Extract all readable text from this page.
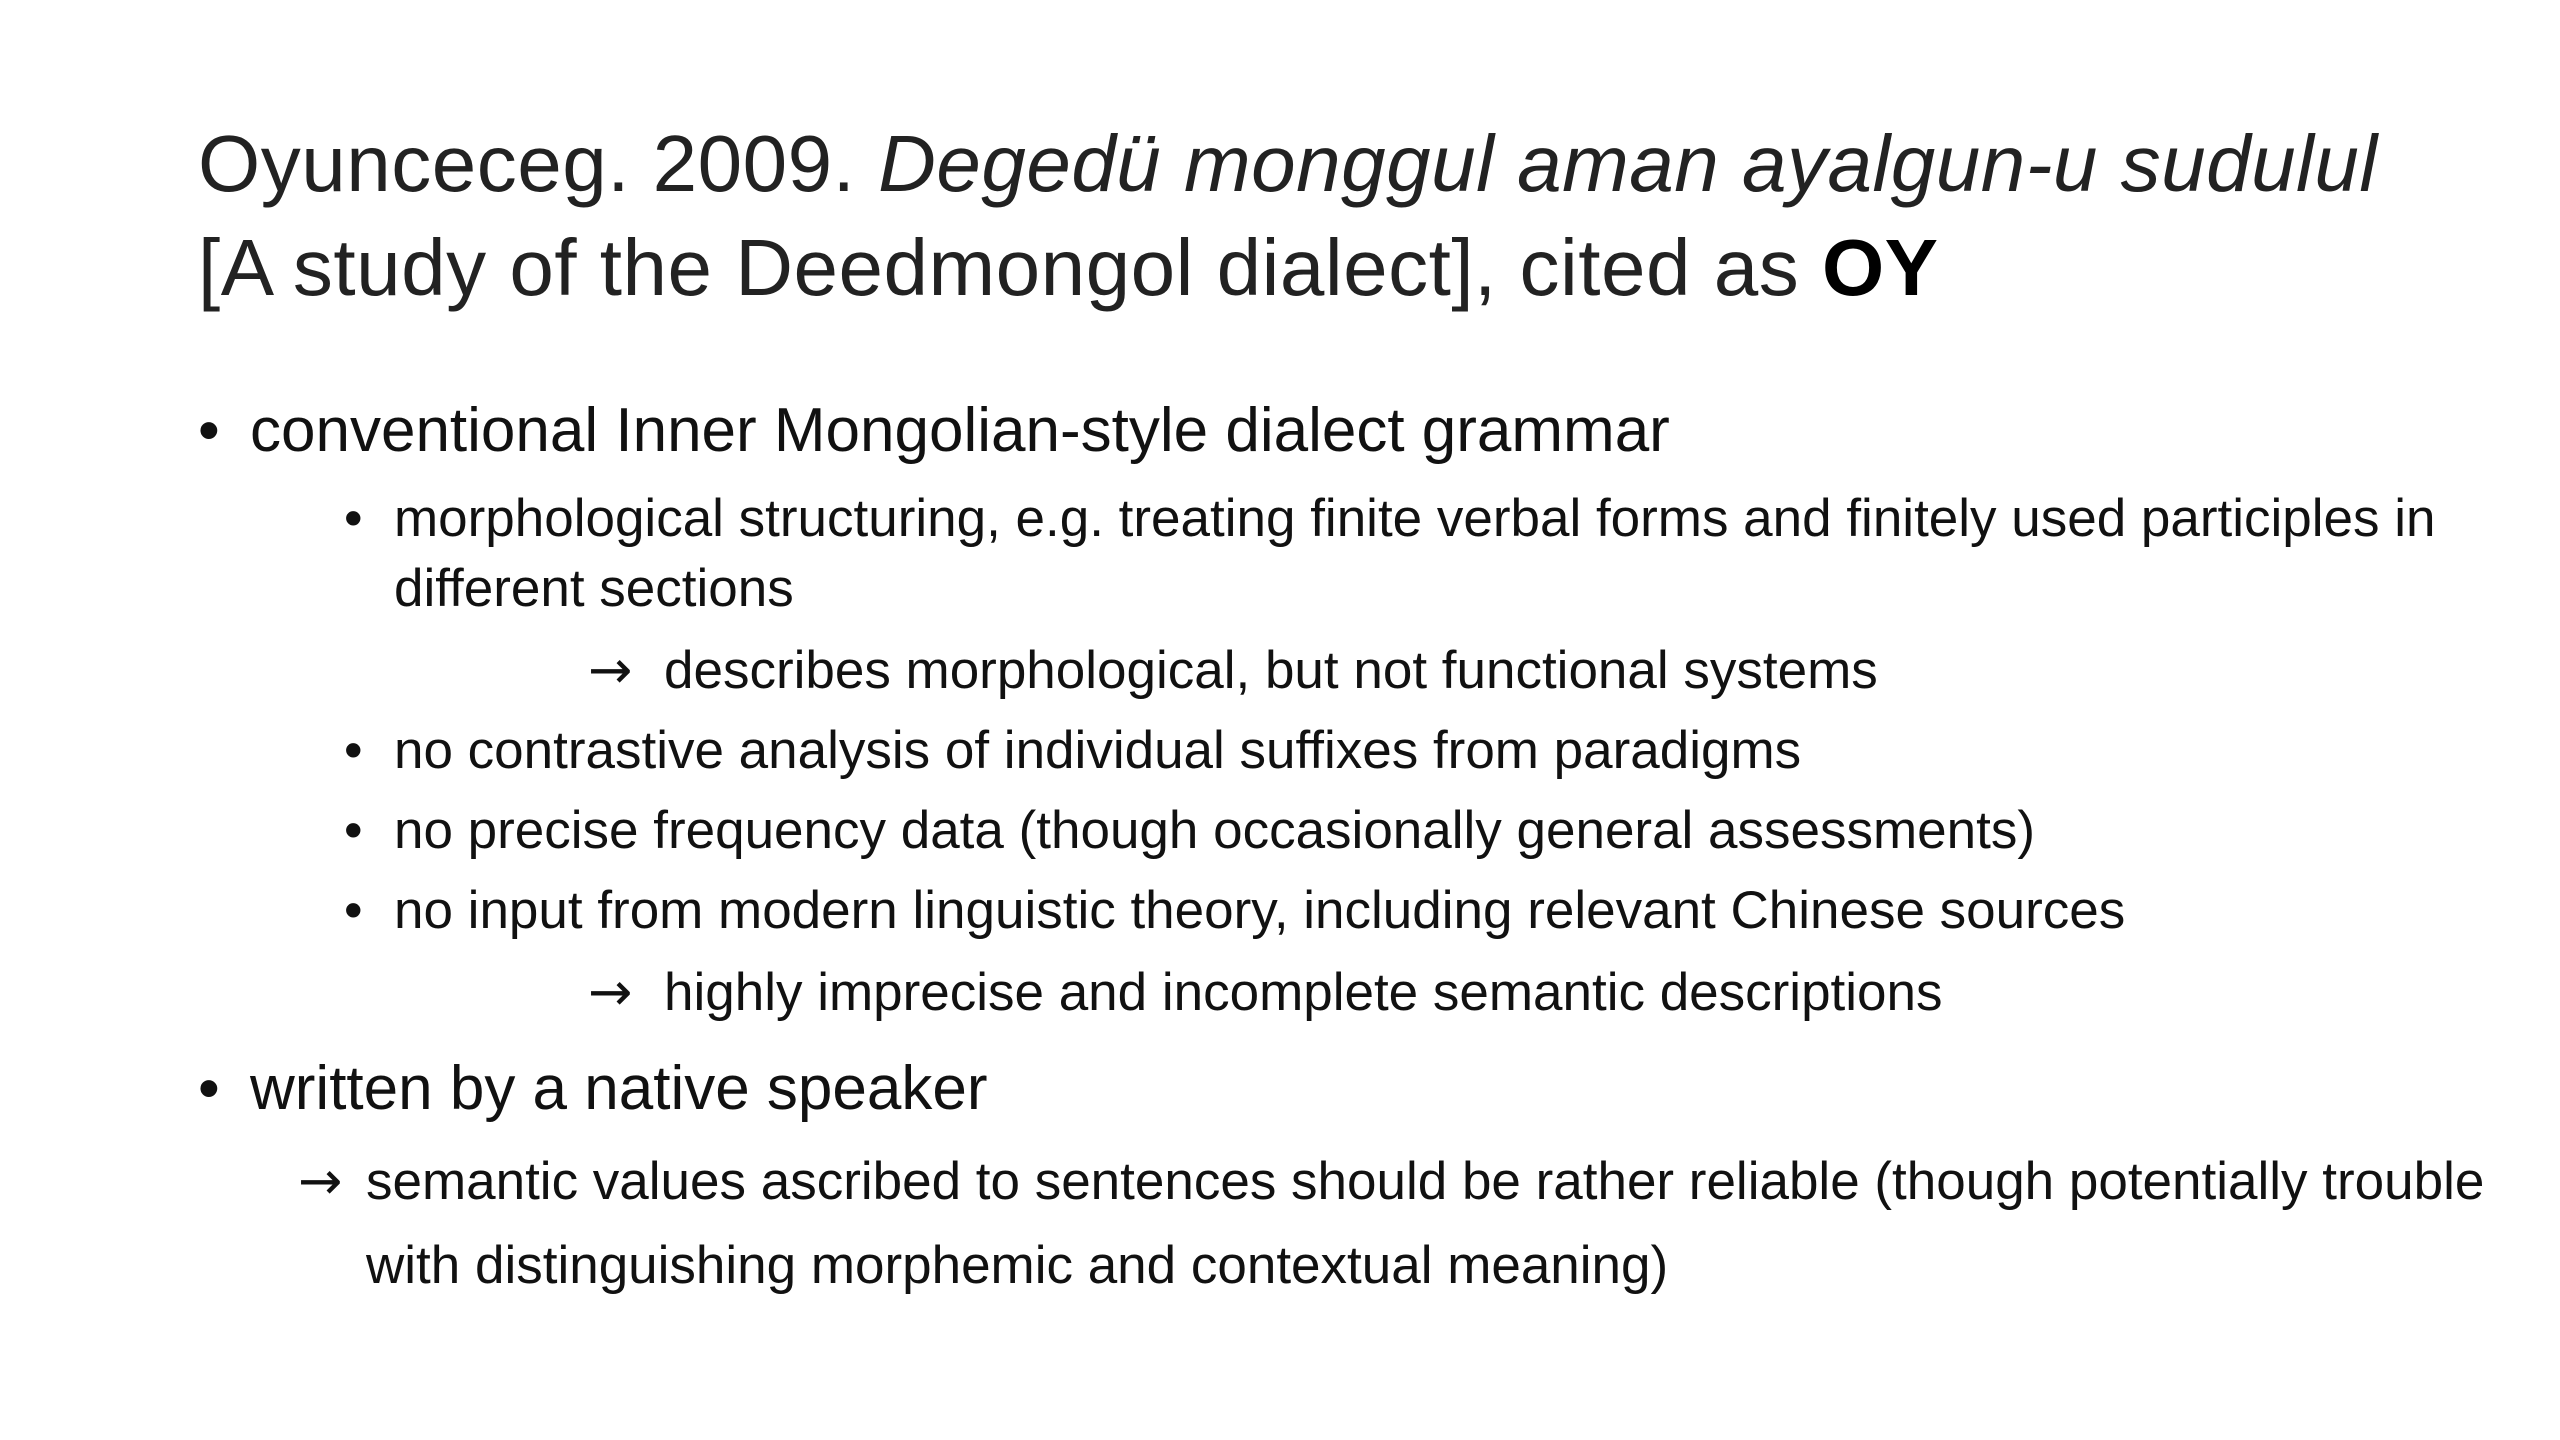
Oyunceceg. 2009. Degedü monggul aman ayalgun-u sudulul [A study of the Deedmongol dialect], cited as OY
• conventional Inner Mongolian-style dialect grammar
• morphological structuring, e.g. treating finite verbal forms and finitely used participles in different sections
→ describes morphological, but not functional systems
• no contrastive analysis of individual suffixes from paradigms
• no precise frequency data (though occasionally general assessments)
• no input from modern linguistic theory, including relevant Chinese sources
→ highly imprecise and incomplete semantic descriptions
• written by a native speaker
→ semantic values ascribed to sentences should be rather reliable (though potentially trouble with distinguishing morphemic and contextual meaning)
